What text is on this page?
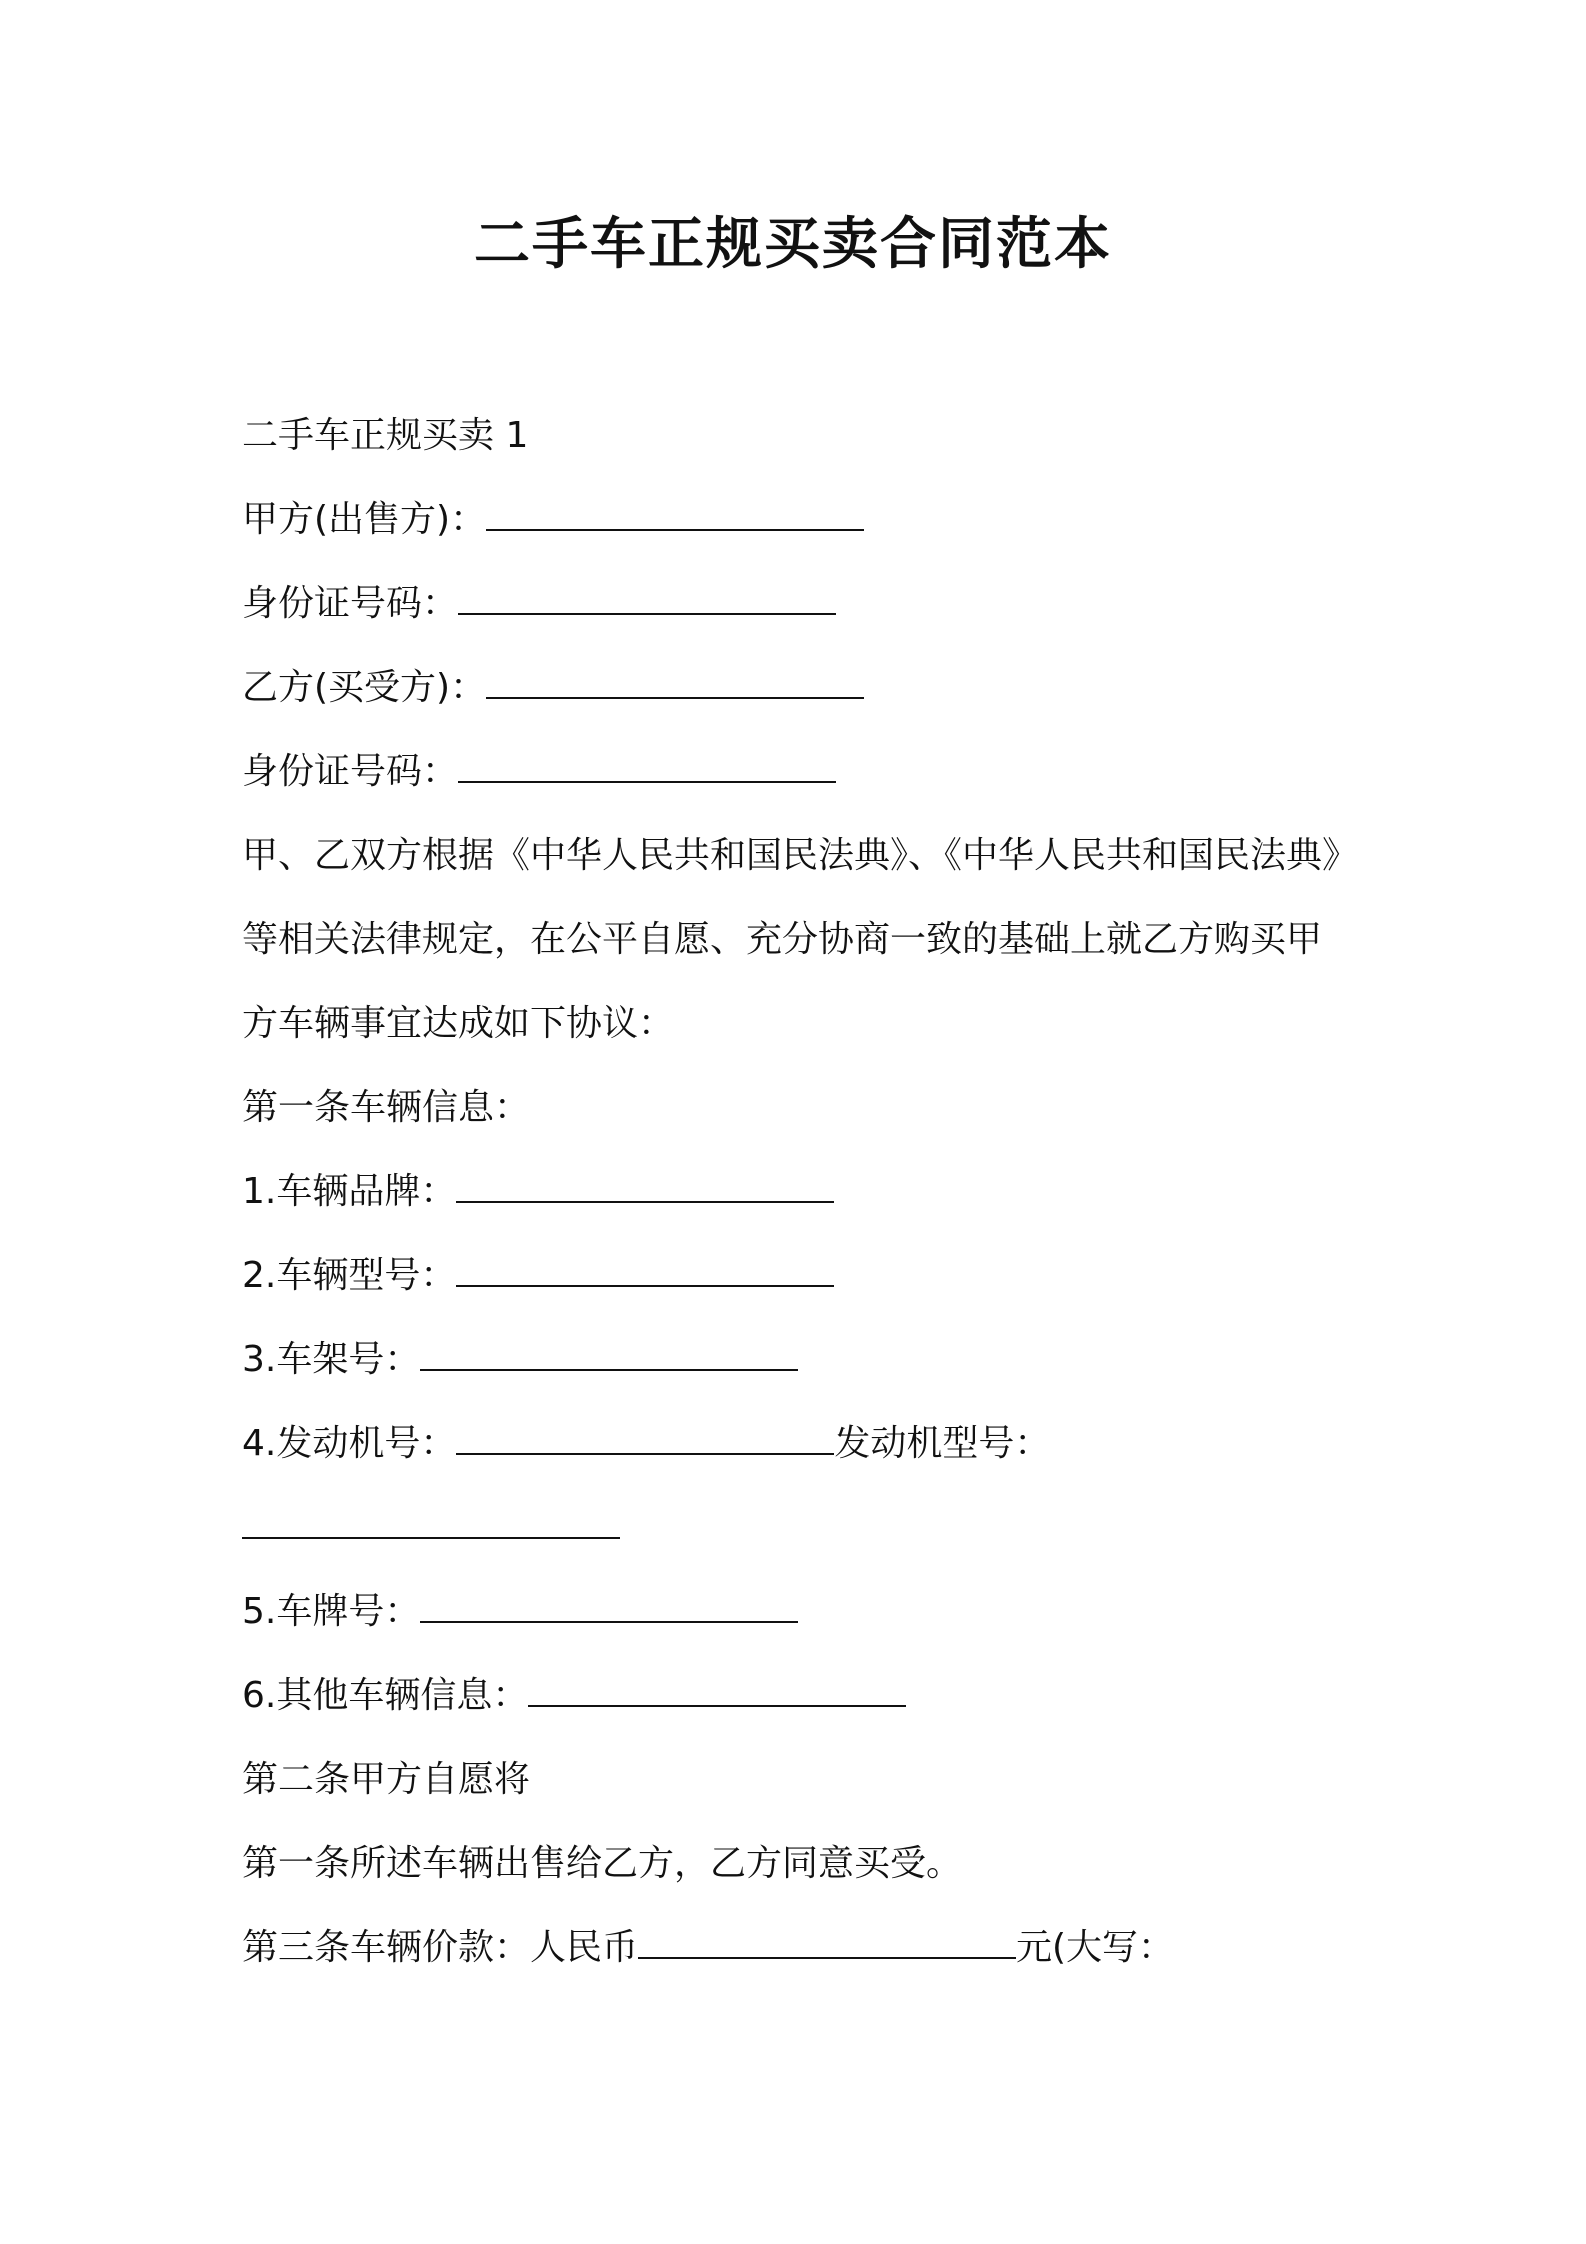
二手车正规买卖合同范本
二手车正规买卖 1
甲方(出售方)：
身份证号码：
乙方(买受方)：
身份证号码：
甲、乙双方根据《中华人民共和国民法典》、《中华人民共和国民法典》
等相关法律规定，在公平自愿、充分协商一致的基础上就乙方购买甲
方车辆事宜达成如下协议：
第一条车辆信息：
1.车辆品牌：
2.车辆型号：
3.车架号：
4.发动机号：	发动机型号：
5.车牌号：
6.其他车辆信息：
第二条甲方自愿将
第一条所述车辆出售给乙方，乙方同意买受。
第三条车辆价款：人民币	元(大写：
